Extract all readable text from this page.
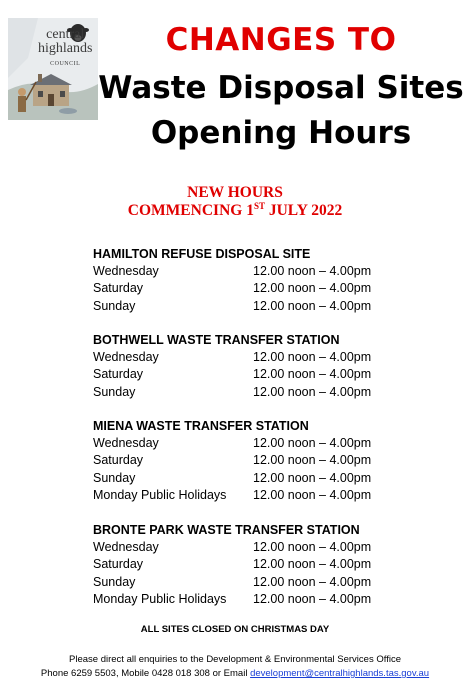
central
highlands
COUNCIL
CHANGES TO
Waste Disposal Sites
Opening Hours
NEW HOURS
COMMENCING 1ST JULY 2022
HAMILTON REFUSE DISPOSAL SITE
Wednesday	12.00 noon – 4.00pm
Saturday	12.00 noon – 4.00pm
Sunday	12.00 noon – 4.00pm
BOTHWELL WASTE TRANSFER STATION
Wednesday	12.00 noon – 4.00pm
Saturday	12.00 noon – 4.00pm
Sunday	12.00 noon – 4.00pm
MIENA WASTE TRANSFER STATION
Wednesday	12.00 noon – 4.00pm
Saturday	12.00 noon – 4.00pm
Sunday	12.00 noon – 4.00pm
Monday Public Holidays 12.00 noon – 4.00pm
BRONTE PARK WASTE TRANSFER STATION
Wednesday	12.00 noon – 4.00pm
Saturday	12.00 noon – 4.00pm
Sunday	12.00 noon – 4.00pm
Monday Public Holidays 12.00 noon – 4.00pm
ALL SITES CLOSED ON CHRISTMAS DAY
Please direct all enquiries to the Development & Environmental Services Office
Phone 6259 5503, Mobile 0428 018 308 or Email development@centralhighlands.tas.gov.au
